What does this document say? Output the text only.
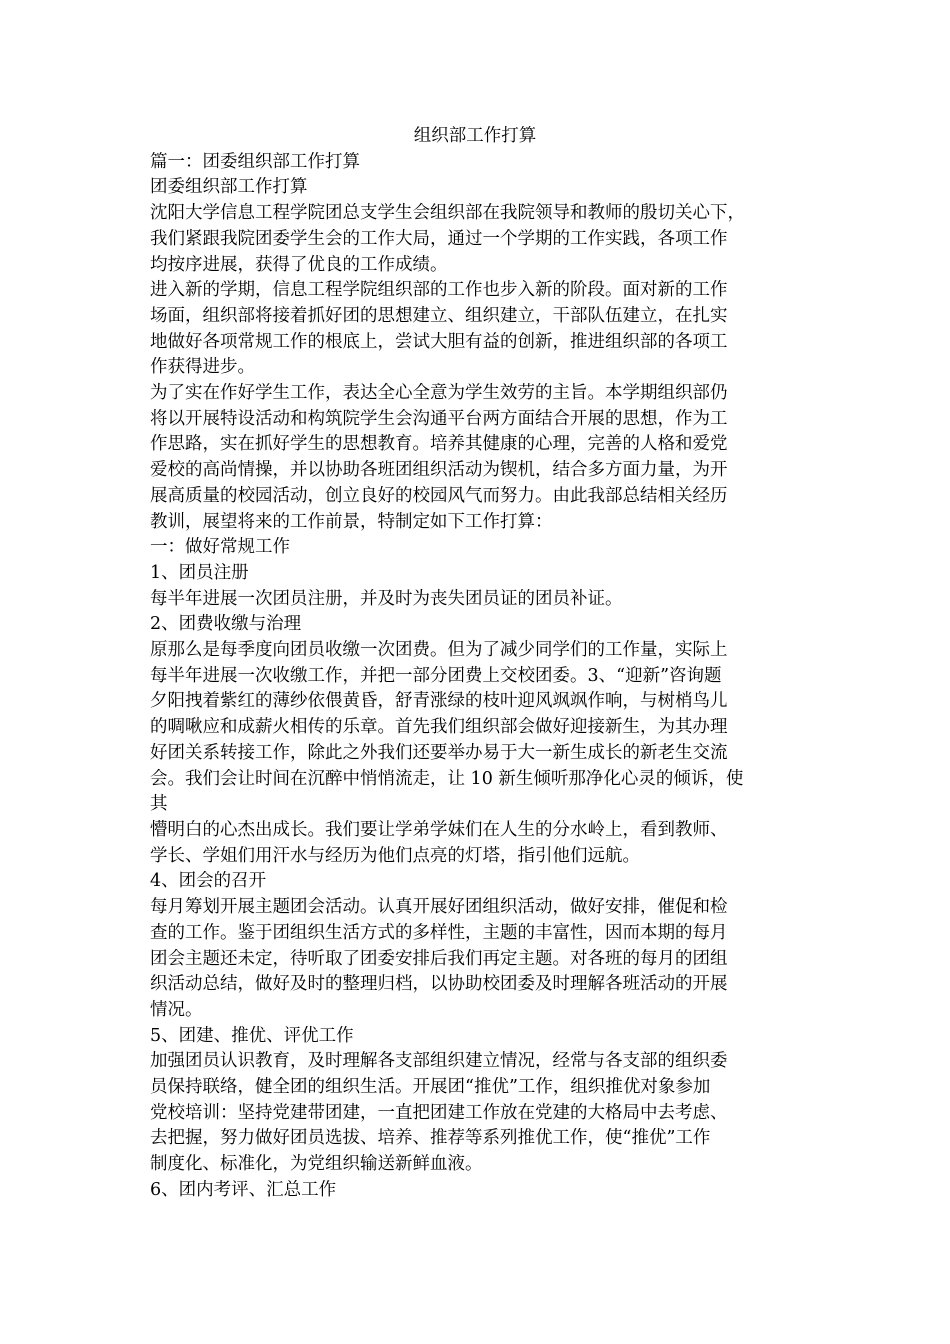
组织部工作打算

篇一：团委组织部工作打算

团委组织部工作打算

沈阳大学信息工程学院团总支学生会组织部在我院领导和教师的殷切关心下，

我们紧跟我院团委学生会的工作大局，通过一个学期的工作实践，各项工作

均按序进展，获得了优良的工作成绩。

进入新的学期，信息工程学院组织部的工作也步入新的阶段。面对新的工作

场面，组织部将接着抓好团的思想建立、组织建立，干部队伍建立，在扎实

地做好各项常规工作的根底上，尝试大胆有益的创新，推进组织部的各项工

作获得进步。

为了实在作好学生工作，表达全心全意为学生效劳的主旨。本学期组织部仍

将以开展特设活动和构筑院学生会沟通平台两方面结合开展的思想，作为工

作思路，实在抓好学生的思想教育。培养其健康的心理，完善的人格和爱党

爱校的高尚情操，并以协助各班团组织活动为锲机，结合多方面力量，为开

展高质量的校园活动，创立良好的校园风气而努力。由此我部总结相关经历

教训，展望将来的工作前景，特制定如下工作打算：

一：做好常规工作

1、团员注册

每半年进展一次团员注册，并及时为丧失团员证的团员补证。

2、团费收缴与治理

原那么是每季度向团员收缴一次团费。但为了减少同学们的工作量，实际上

每半年进展一次收缴工作，并把一部分团费上交校团委。3、“迎新”咨询题

夕阳拽着紫红的薄纱依偎黄昏，舒青涨绿的枝叶迎风飒飒作响，与树梢鸟儿

的啁啾应和成薪火相传的乐章。首先我们组织部会做好迎接新生，为其办理

好团关系转接工作，除此之外我们还要举办易于大一新生成长的新老生交流

会。我们会让时间在沉醉中悄悄流走，让 10 新生倾听那净化心灵的倾诉，使

其

懵明白的心杰出成长。我们要让学弟学妹们在人生的分水岭上，看到教师、

学长、学姐们用汗水与经历为他们点亮的灯塔，指引他们远航。

4、团会的召开

每月筹划开展主题团会活动。认真开展好团组织活动，做好安排，催促和检

查的工作。鉴于团组织生活方式的多样性，主题的丰富性，因而本期的每月

团会主题还未定，待听取了团委安排后我们再定主题。对各班的每月的团组

织活动总结，做好及时的整理归档，以协助校团委及时理解各班活动的开展

情况。

5、团建、推优、评优工作

加强团员认识教育，及时理解各支部组织建立情况，经常与各支部的组织委

员保持联络，健全团的组织生活。开展团“推优”工作，组织推优对象参加

党校培训：坚持党建带团建，一直把团建工作放在党建的大格局中去考虑、

去把握，努力做好团员选拔、培养、推荐等系列推优工作，使“推优”工作

制度化、标准化，为党组织输送新鲜血液。

6、团内考评、汇总工作
